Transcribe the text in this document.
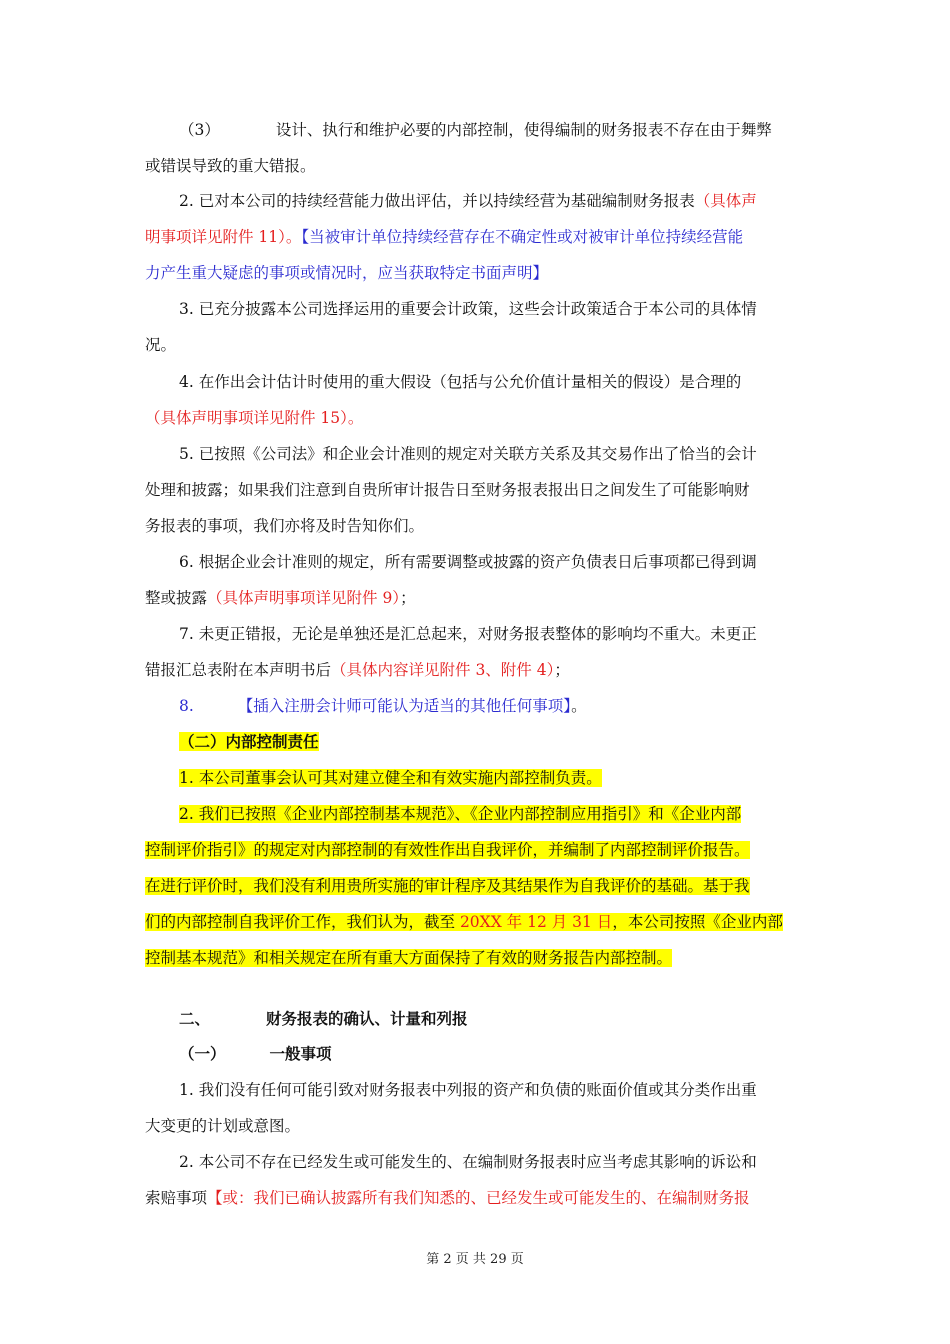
（3）	设计、执行和维护必要的内部控制，使得编制的财务报表不存在由于舞弊

或错误导致的重大错报。

2. 已对本公司的持续经营能力做出评估，并以持续经营为基础编制财务报表（具体声

明事项详见附件 11）。【当被审计单位持续经营存在不确定性或对被审计单位持续经营能

力产生重大疑虑的事项或情况时，应当获取特定书面声明】

3. 已充分披露本公司选择运用的重要会计政策，这些会计政策适合于本公司的具体情

况。

4. 在作出会计估计时使用的重大假设（包括与公允价值计量相关的假设）是合理的

（具体声明事项详见附件 15）。

5. 已按照《公司法》和企业会计准则的规定对关联方关系及其交易作出了恰当的会计

处理和披露；如果我们注意到自贵所审计报告日至财务报表报出日之间发生了可能影响财

务报表的事项，我们亦将及时告知你们。

6. 根据企业会计准则的规定，所有需要调整或披露的资产负债表日后事项都已得到调

整或披露（具体声明事项详见附件 9）；

7. 未更正错报，无论是单独还是汇总起来，对财务报表整体的影响均不重大。未更正

错报汇总表附在本声明书后（具体内容详见附件 3、附件 4）；

8.	【插入注册会计师可能认为适当的其他任何事项】。

（二）内部控制责任

1. 本公司董事会认可其对建立健全和有效实施内部控制负责。

2. 我们已按照《企业内部控制基本规范》、《企业内部控制应用指引》和《企业内部

控制评价指引》的规定对内部控制的有效性作出自我评价，并编制了内部控制评价报告。

在进行评价时，我们没有利用贵所实施的审计程序及其结果作为自我评价的基础。基于我

们的内部控制自我评价工作，我们认为，截至 20XX 年 12 月 31 日，本公司按照《企业内部

控制基本规范》和相关规定在所有重大方面保持了有效的财务报告内部控制。

二、	财务报表的确认、计量和列报

（一）	一般事项

1. 我们没有任何可能引致对财务报表中列报的资产和负债的账面价值或其分类作出重

大变更的计划或意图。

2. 本公司不存在已经发生或可能发生的、在编制财务报表时应当考虑其影响的诉讼和

索赔事项【或：我们已确认披露所有我们知悉的、已经发生或可能发生的、在编制财务报

第 2 页 共 29 页
